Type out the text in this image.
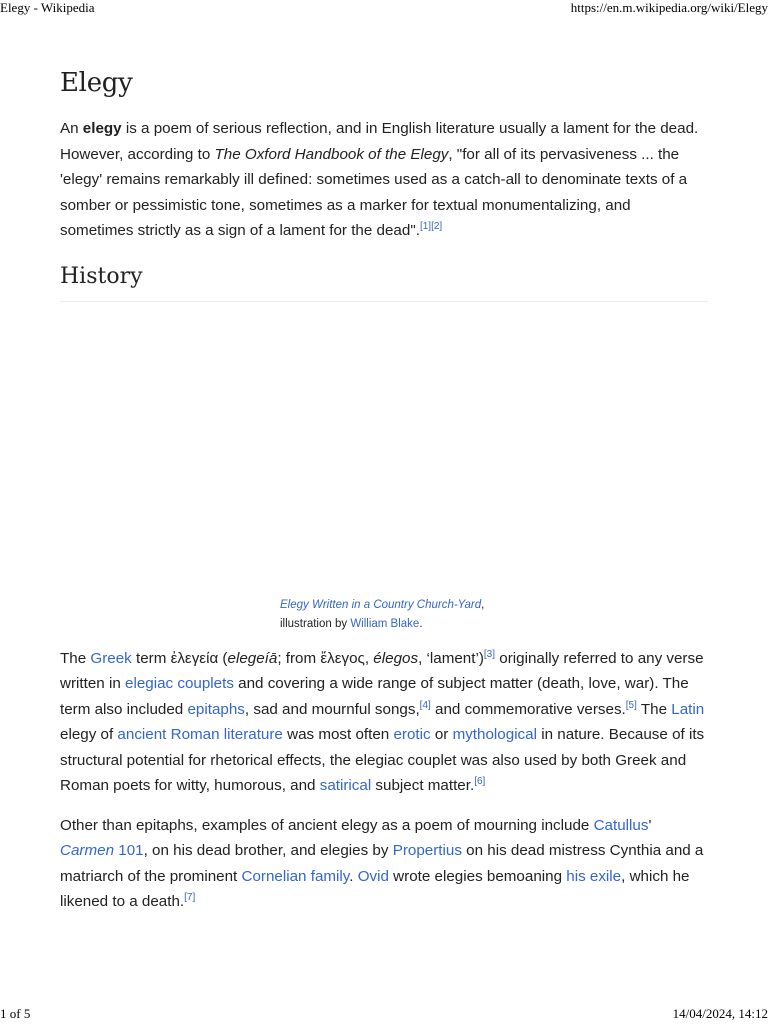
Elegy - Wikipedia	https://en.m.wikipedia.org/wiki/Elegy
Elegy

An elegy is a poem of serious reflection, and in English literature usually a lament for the dead. However, according to The Oxford Handbook of the Elegy, "for all of its pervasiveness ... the 'elegy' remains remarkably ill defined: sometimes used as a catch-all to denominate texts of a somber or pessimistic tone, sometimes as a marker for textual monumentalizing, and sometimes strictly as a sign of a lament for the dead".[1][2]

History
Elegy Written in a Country Church-Yard,
illustration by William Blake.

The Greek term ἐλεγεία (elegeíā; from ἔλεγος, élegos, ‘lament’)[3] originally referred to any verse written in elegiac couplets and covering a wide range of subject matter (death, love, war). The term also included epitaphs, sad and mournful songs,[4] and commemorative verses.[5] The Latin elegy of ancient Roman literature was most often erotic or mythological in nature. Because of its structural potential for rhetorical effects, the elegiac couplet was also used by both Greek and Roman poets for witty, humorous, and satirical subject matter.[6]

Other than epitaphs, examples of ancient elegy as a poem of mourning include Catullus' Carmen 101, on his dead brother, and elegies by Propertius on his dead mistress Cynthia and a matriarch of the prominent Cornelian family. Ovid wrote elegies bemoaning his exile, which he likened to a death.[7]

1 of 5	14/04/2024, 14:12
